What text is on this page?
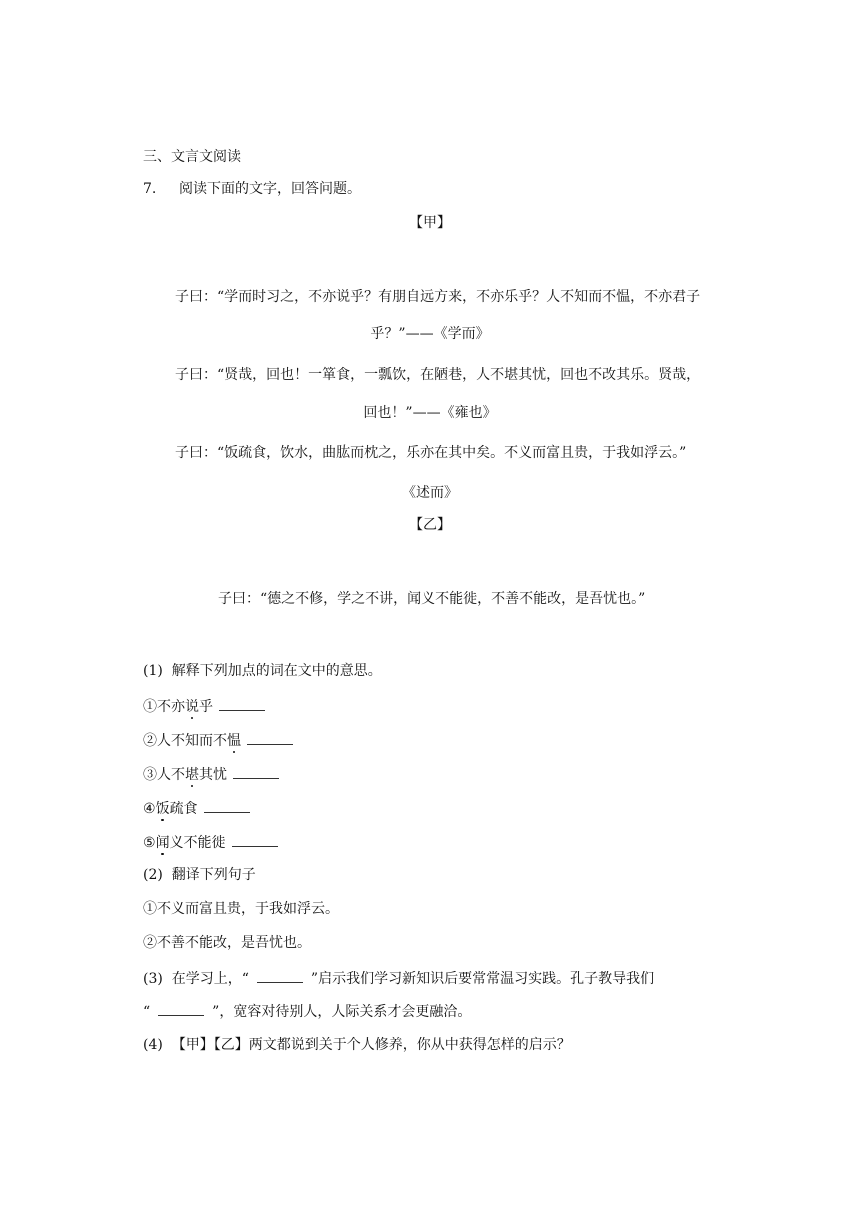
三、文言文阅读
7. 阅读下面的文字，回答问题。
【甲】
子曰：“学而时习之，不亦说乎？有朋自远方来，不亦乐乎？人不知而不愠，不亦君子
乎？”——《学而》
子曰：“贤哉，回也！一箪食，一瓢饮，在陋巷，人不堪其忧，回也不改其乐。贤哉，
回也！”——《雍也》
子曰：“饭疏食，饮水，曲肱而枕之，乐亦在其中矣。不义而富且贵，于我如浮云。”
《述而》
【乙】
子曰：“德之不修，学之不讲，闻义不能徙，不善不能改，是吾忧也。”
(1) 解释下列加点的词在文中的意思。
①不亦说乎
②人不知而不愠
③人不堪其忧
④饭疏食
⑤闻义不能徙
(2) 翻译下列句子
①不义而富且贵，于我如浮云。
②不善不能改，是吾忧也。
(3) 在学习上，“	”启示我们学习新知识后要常常温习实践。孔子教导我们
“	”，宽容对待别人，人际关系才会更融洽。
(4) 【甲】【乙】两文都说到关于个人修养，你从中获得怎样的启示？
